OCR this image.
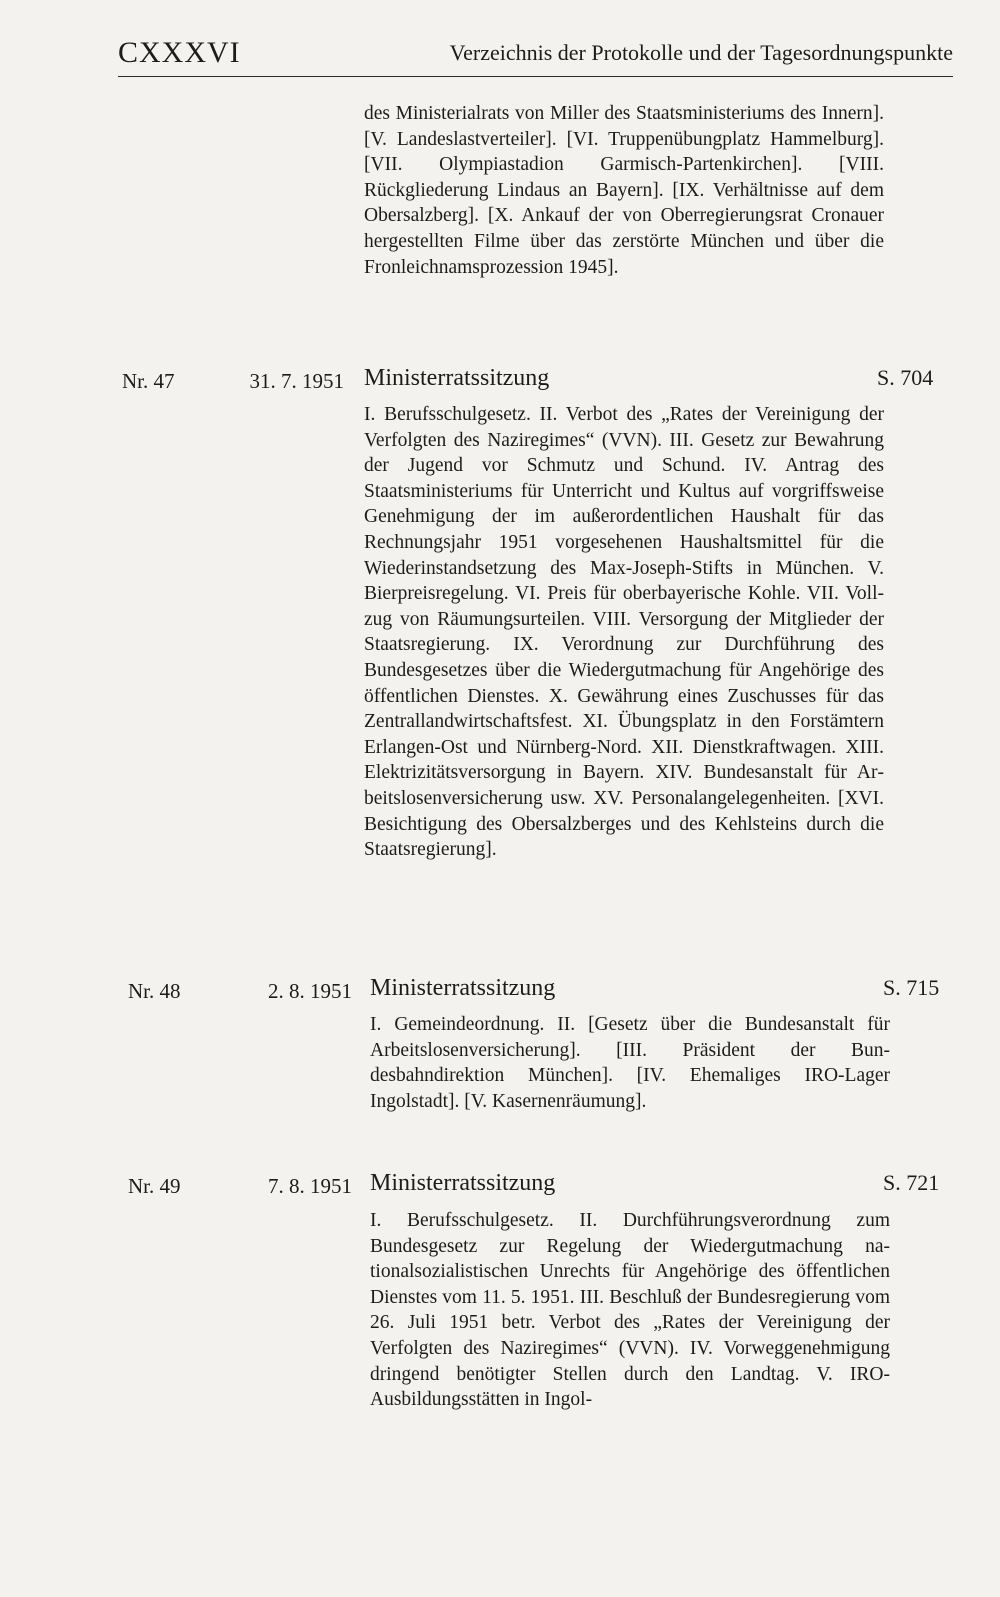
CXXXVI	Verzeichnis der Protokolle und der Tagesordnungspunkte
des Ministerialrats von Miller des Staatsministeriums des Innern]. [V. Landeslastverteiler]. [VI. Truppenübungplatz Hammelburg]. [VII. Olympiastadion Garmisch-Partenkirchen]. [VIII. Rückgliederung Lindaus an Bayern]. [IX. Verhältnisse auf dem Obersalzberg]. [X. Ankauf der von Oberregierungsrat Cronauer hergestellten Filme über das zerstörte München und über die Fronleichnamsprozession 1945].
Nr. 47	31. 7. 1951 Ministerratssitzung	S. 704
I. Berufsschulgesetz. II. Verbot des „Rates der Vereinigung der Verfolgten des Naziregimes“ (VVN). III. Gesetz zur Bewahrung der Jugend vor Schmutz und Schund. IV. Antrag des Staatsministeriums für Unterricht und Kultus auf vorgriffsweise Genehmigung der im außerordentlichen Haushalt für das Rechnungsjahr 1951 vorgesehenen Haushaltsmittel für die Wiederinstandsetzung des Max-Joseph-Stifts in München. V. Bierpreisregelung. VI. Preis für oberbayerische Kohle. VII. Vollzug von Räumungsurteilen. VIII. Versorgung der Mitglieder der Staatsregierung. IX. Verordnung zur Durchführung des Bundesgesetzes über die Wiedergutmachung für Angehörige des öffentlichen Dienstes. X. Gewährung eines Zuschusses für das Zentrallandwirtschaftsfest. XI. Übungsplatz in den Forstämtern Erlangen-Ost und Nürnberg-Nord. XII. Dienstkraftwagen. XIII. Elektrizitätsversorgung in Bayern. XIV. Bundesanstalt für Arbeitslosenversicherung usw. XV. Personalangelegenheiten. [XVI. Besichtigung des Obersalzberges und des Kehlsteins durch die Staatsregierung].
Nr. 48	2. 8. 1951 Ministerratssitzung	S. 715
I. Gemeindeordnung. II. [Gesetz über die Bundesanstalt für Arbeitslosenversicherung]. [III. Präsident der Bundesbahndirektion München]. [IV. Ehemaliges IRO-Lager Ingolstadt]. [V. Kasernenräumung].
Nr. 49	7. 8. 1951 Ministerratssitzung	S. 721
I. Berufsschulgesetz. II. Durchführungsverordnung zum Bundesgesetz zur Regelung der Wiedergutmachung nationalsozialistischen Unrechts für Angehörige des öffentlichen Dienstes vom 11. 5. 1951. III. Beschluß der Bundesregierung vom 26. Juli 1951 betr. Verbot des „Rates der Vereinigung der Verfolgten des Naziregimes“ (VVN). IV. Vorweggenehmigung dringend benötigter Stellen durch den Landtag. V. IRO-Ausbildungsstätten in Ingol-
